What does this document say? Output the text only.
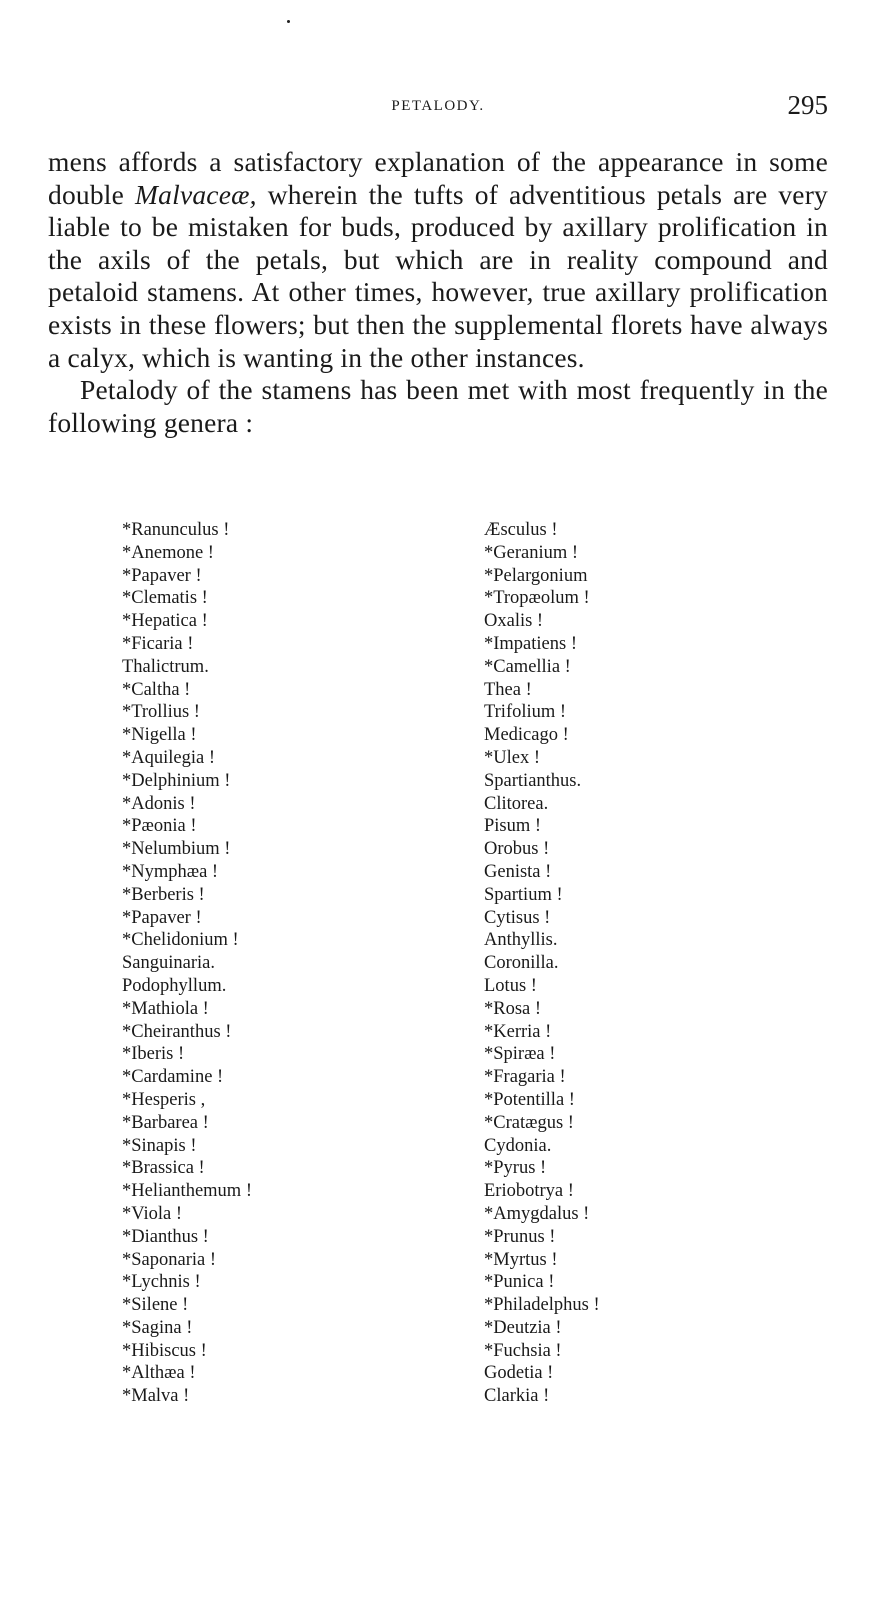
PETALODY.	295

mens affords a satisfactory explanation of the appearance in some double Malvaceæ, wherein the tufts of adventitious petals are very liable to be mistaken for buds, produced by axillary prolification in the axils of the petals, but which are in reality compound and petaloid stamens. At other times, however, true axillary prolification exists in these flowers; but then the supplemental florets have always a calyx, which is wanting in the other instances.

Petalody of the stamens has been met with most frequently in the following genera :

*Ranunculus !
*Anemone !
*Papaver !
*Clematis !
*Hepatica !
*Ficaria !
Thalictrum.
*Caltha !
*Trollius !
*Nigella !
*Aquilegia !
*Delphinium !
*Adonis !
*Pæonia !
*Nelumbium !
*Nymphæa !
*Berberis !
*Papaver !
*Chelidonium !
Sanguinaria.
Podophyllum.
*Mathiola !
*Cheiranthus !
*Iberis !
*Cardamine !
*Hesperis ,
*Barbarea !
*Sinapis !
*Brassica !
*Helianthemum !
*Viola !
*Dianthus !
*Saponaria !
*Lychnis !
*Silene !
*Sagina !
*Hibiscus !
*Althæa !
*Malva !
Æsculus !
*Geranium !
*Pelargonium
*Tropæolum !
Oxalis !
*Impatiens !
*Camellia !
Thea !
Trifolium !
Medicago !
*Ulex !
Spartianthus.
Clitorea.
Pisum !
Orobus !
Genista !
Spartium !
Cytisus !
Anthyllis.
Coronilla.
Lotus !
*Rosa !
*Kerria !
*Spiræa !
*Fragaria !
*Potentilla !
*Cratægus !
Cydonia.
*Pyrus !
Eriobotrya !
*Amygdalus !
*Prunus !
*Myrtus !
*Punica !
*Philadelphus !
*Deutzia !
*Fuchsia !
Godetia !
Clarkia !
